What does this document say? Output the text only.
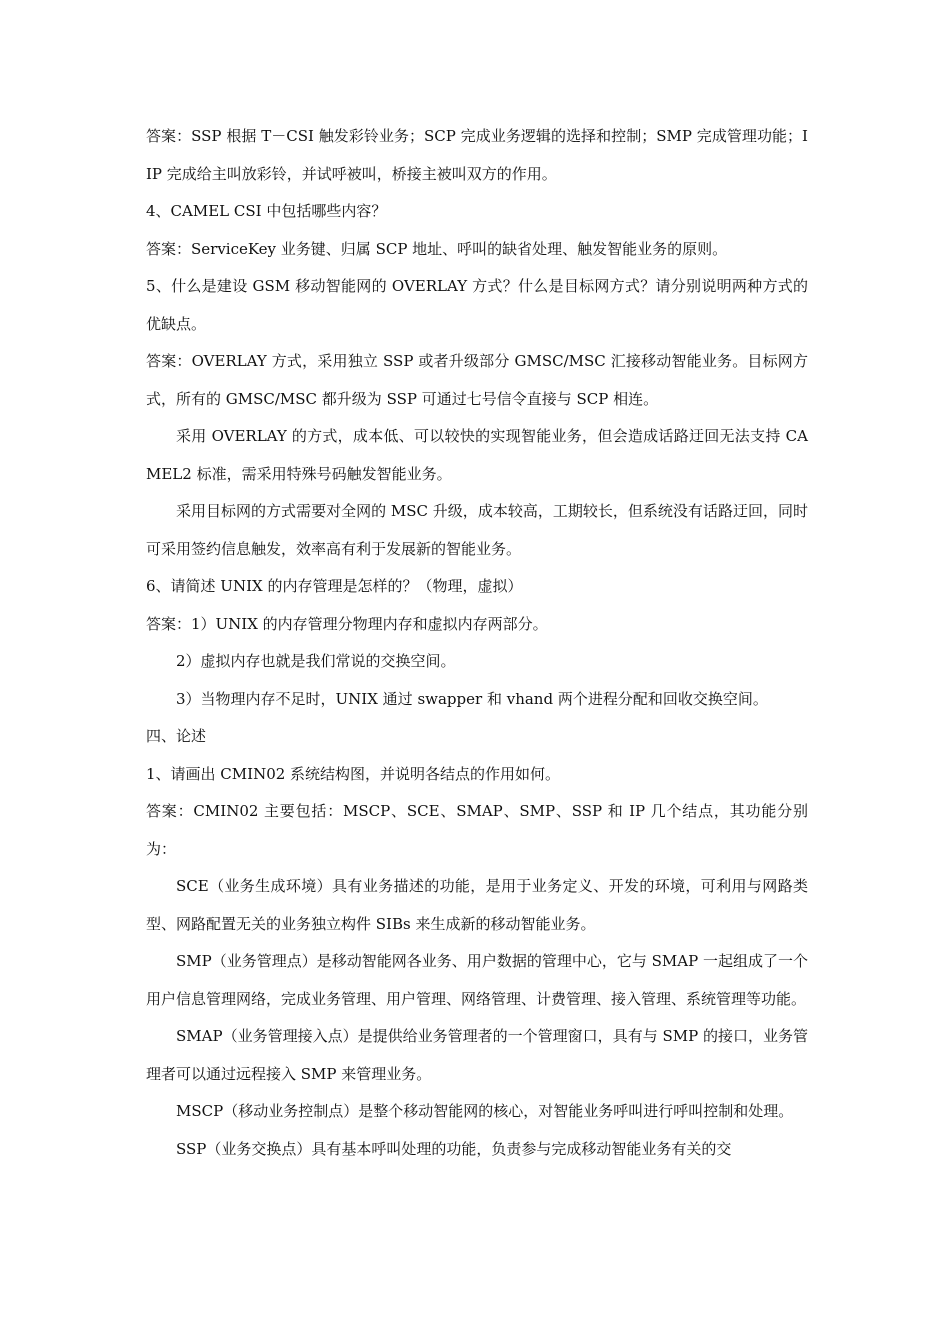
答案：SSP 根据 T－CSI 触发彩铃业务；SCP 完成业务逻辑的选择和控制；SMP 完成管理功能；IIP 完成给主叫放彩铃，并试呼被叫，桥接主被叫双方的作用。

4、CAMEL CSI 中包括哪些内容？

答案：ServiceKey 业务键、归属 SCP 地址、呼叫的缺省处理、触发智能业务的原则。

5、什么是建设 GSM 移动智能网的 OVERLAY 方式？什么是目标网方式？请分别说明两种方式的优缺点。

答案：OVERLAY 方式，采用独立 SSP 或者升级部分 GMSC/MSC 汇接移动智能业务。目标网方式，所有的 GMSC/MSC 都升级为 SSP 可通过七号信令直接与 SCP 相连。

采用 OVERLAY 的方式，成本低、可以较快的实现智能业务，但会造成话路迂回无法支持 CAMEL2 标准，需采用特殊号码触发智能业务。

采用目标网的方式需要对全网的 MSC 升级，成本较高，工期较长，但系统没有话路迂回，同时可采用签约信息触发，效率高有利于发展新的智能业务。

6、请简述 UNIX 的内存管理是怎样的？（物理，虚拟）

答案：1）UNIX 的内存管理分物理内存和虚拟内存两部分。

2）虚拟内存也就是我们常说的交换空间。

3）当物理内存不足时，UNIX 通过 swapper 和 vhand 两个进程分配和回收交换空间。

四、论述

1、请画出 CMIN02 系统结构图，并说明各结点的作用如何。

答案：CMIN02 主要包括：MSCP、SCE、SMAP、SMP、SSP 和 IP 几个结点，其功能分别为：

SCE（业务生成环境）具有业务描述的功能，是用于业务定义、开发的环境，可利用与网路类型、网路配置无关的业务独立构件 SIBs 来生成新的移动智能业务。

SMP（业务管理点）是移动智能网各业务、用户数据的管理中心，它与 SMAP 一起组成了一个用户信息管理网络，完成业务管理、用户管理、网络管理、计费管理、接入管理、系统管理等功能。

SMAP（业务管理接入点）是提供给业务管理者的一个管理窗口，具有与 SMP 的接口，业务管理者可以通过远程接入 SMP 来管理业务。

MSCP（移动业务控制点）是整个移动智能网的核心，对智能业务呼叫进行呼叫控制和处理。

SSP（业务交换点）具有基本呼叫处理的功能，负责参与完成移动智能业务有关的交
